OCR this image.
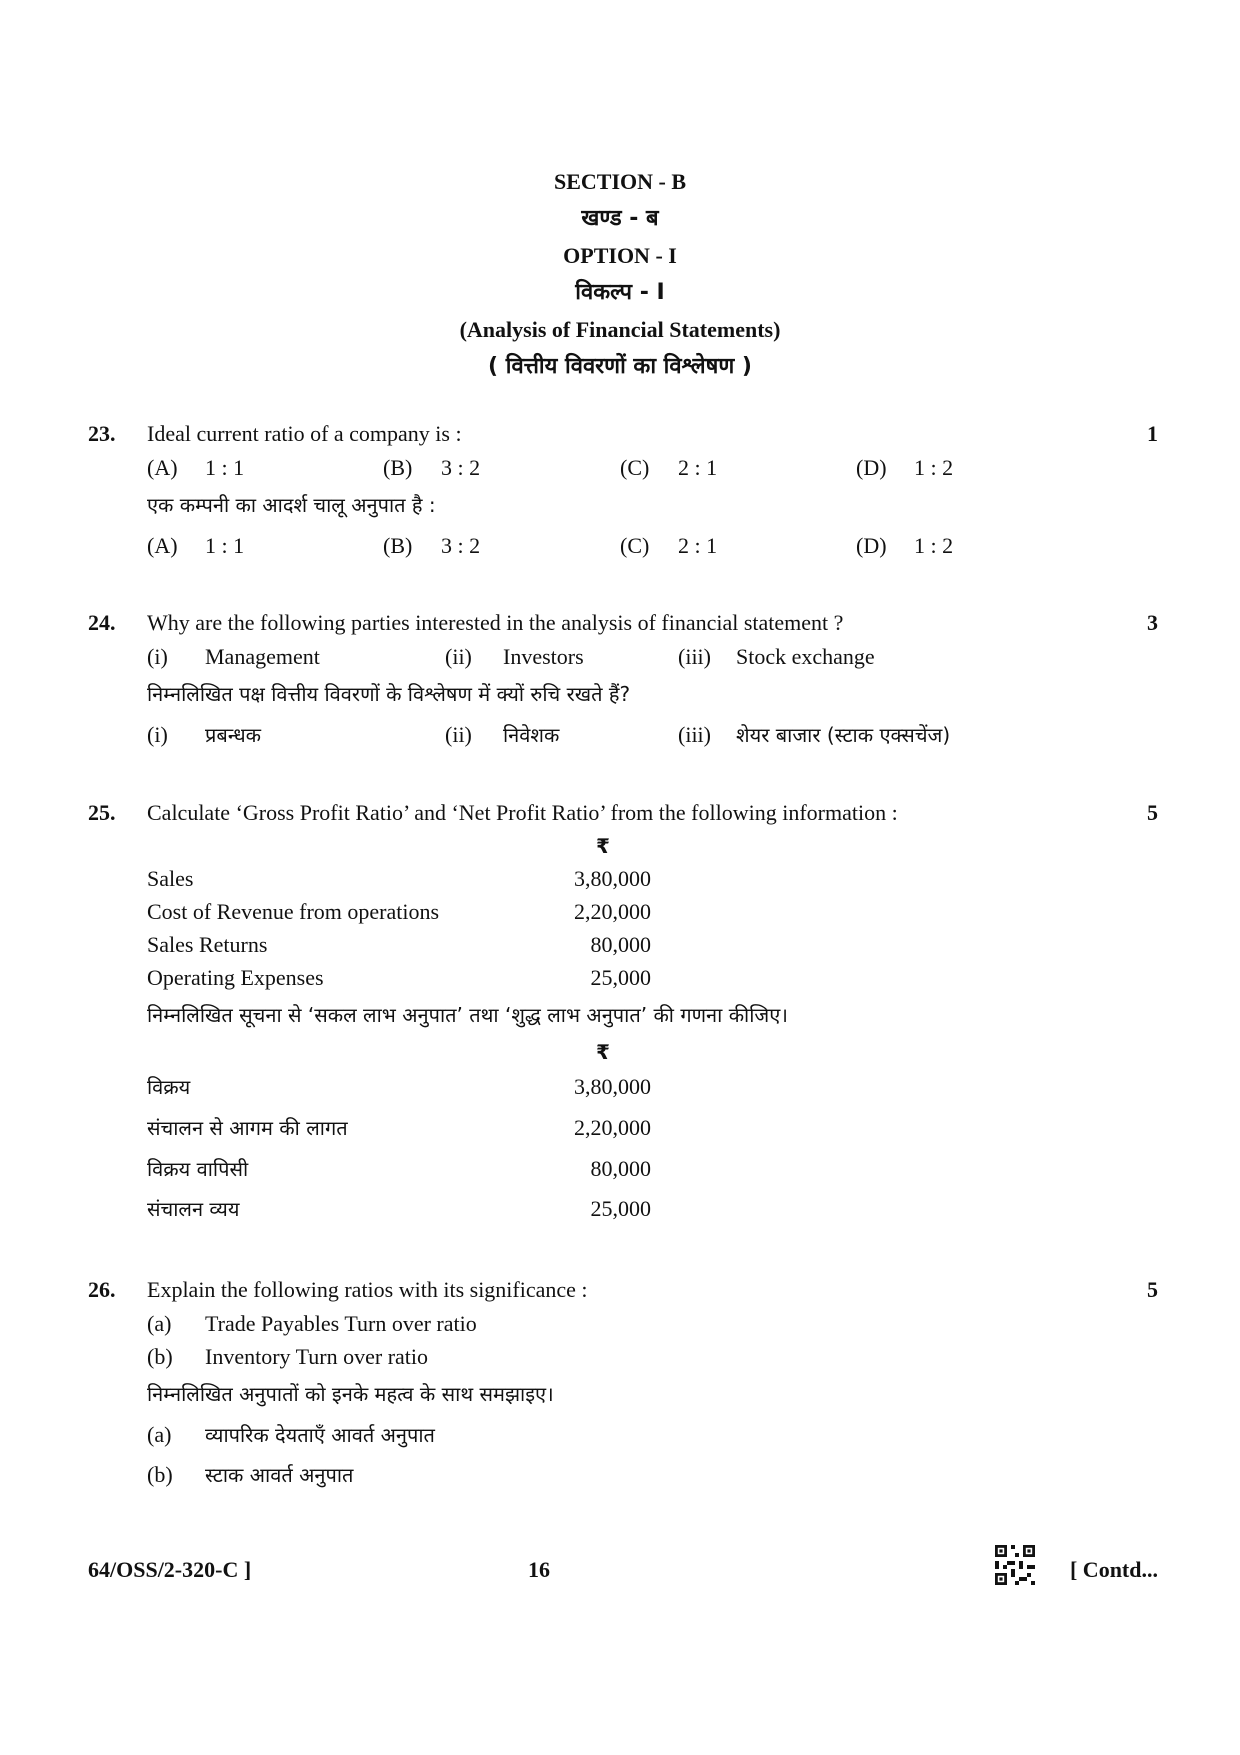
SECTION - B
खण्ड - ब
OPTION - I
विकल्प - I
(Analysis of Financial Statements)
( वित्तीय विवरणों का विश्लेषण )
23. Ideal current ratio of a company is :	1
(A) 1 : 1	(B) 3 : 2	(C) 2 : 1	(D) 1 : 2
एक कम्पनी का आदर्श चालू अनुपात है :
(A) 1 : 1	(B) 3 : 2	(C) 2 : 1	(D) 1 : 2
24. Why are the following parties interested in the analysis of financial statement ?	3
(i) Management	(ii) Investors	(iii) Stock exchange
निम्नलिखित पक्ष वित्तीय विवरणों के विश्लेषण में क्यों रुचि रखते हैं?
(i) प्रबन्धक	(ii) निवेशक	(iii) शेयर बाजार (स्टाक एक्सचेंज)
25. Calculate ‘Gross Profit Ratio’ and ‘Net Profit Ratio’ from the following information :	5
₹
Sales	3,80,000
Cost of Revenue from operations	2,20,000
Sales Returns	80,000
Operating Expenses	25,000
निम्नलिखित सूचना से ‘सकल लाभ अनुपात’ तथा ‘शुद्ध लाभ अनुपात’ की गणना कीजिए।
₹
विक्रय	3,80,000
संचालन से आगम की लागत	2,20,000
विक्रय वापिसी	80,000
संचालन व्यय	25,000
26. Explain the following ratios with its significance :	5
(a) Trade Payables Turn over ratio
(b) Inventory Turn over ratio
निम्नलिखित अनुपातों को इनके महत्व के साथ समझाइए।
(a) व्यापरिक देयताएँ आवर्त अनुपात
(b) स्टाक आवर्त अनुपात
64/OSS/2-320-C ]	16	[ Contd...
